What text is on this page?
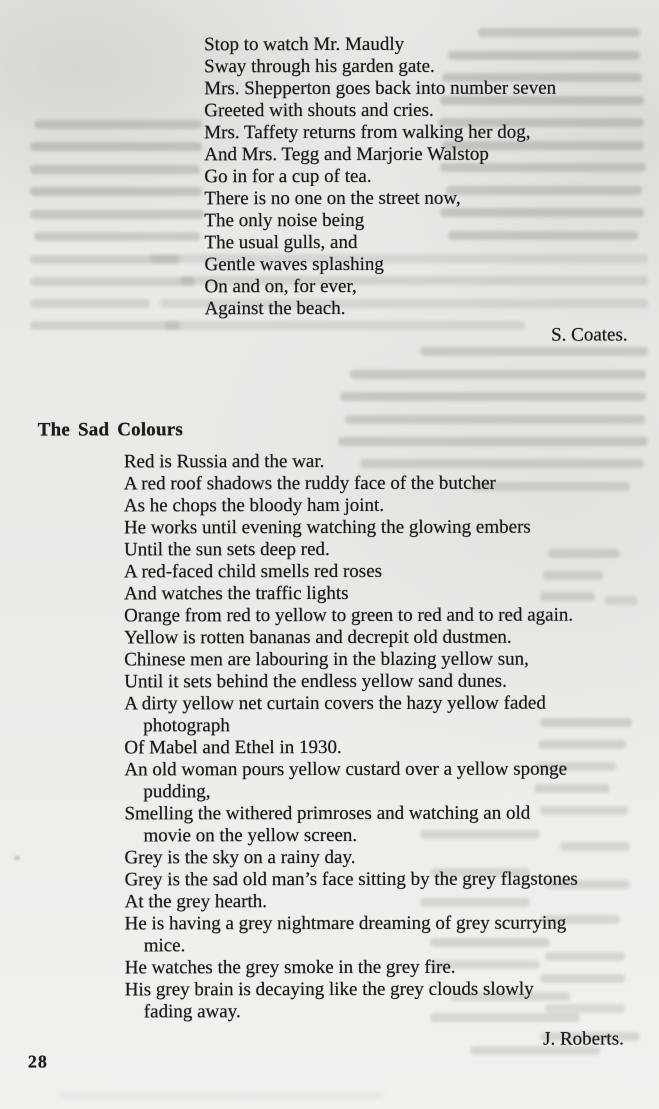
Stop to watch Mr. Maudly
Sway through his garden gate.
Mrs. Shepperton goes back into number seven
Greeted with shouts and cries.
Mrs. Taffety returns from walking her dog,
And Mrs. Tegg and Marjorie Walstop
Go in for a cup of tea.
There is no one on the street now,
The only noise being
The usual gulls, and
Gentle waves splashing
On and on, for ever,
Against the beach.
S. Coates.
The Sad Colours
Red is Russia and the war.
A red roof shadows the ruddy face of the butcher
As he chops the bloody ham joint.
He works until evening watching the glowing embers
Until the sun sets deep red.
A red-faced child smells red roses
And watches the traffic lights
Orange from red to yellow to green to red and to red again.
Yellow is rotten bananas and decrepit old dustmen.
Chinese men are labouring in the blazing yellow sun,
Until it sets behind the endless yellow sand dunes.
A dirty yellow net curtain covers the hazy yellow faded
photograph
Of Mabel and Ethel in 1930.
An old woman pours yellow custard over a yellow sponge
pudding,
Smelling the withered primroses and watching an old
movie on the yellow screen.
Grey is the sky on a rainy day.
Grey is the sad old man’s face sitting by the grey flagstones
At the grey hearth.
He is having a grey nightmare dreaming of grey scurrying
mice.
He watches the grey smoke in the grey fire.
His grey brain is decaying like the grey clouds slowly
fading away.
J. Roberts.
28
